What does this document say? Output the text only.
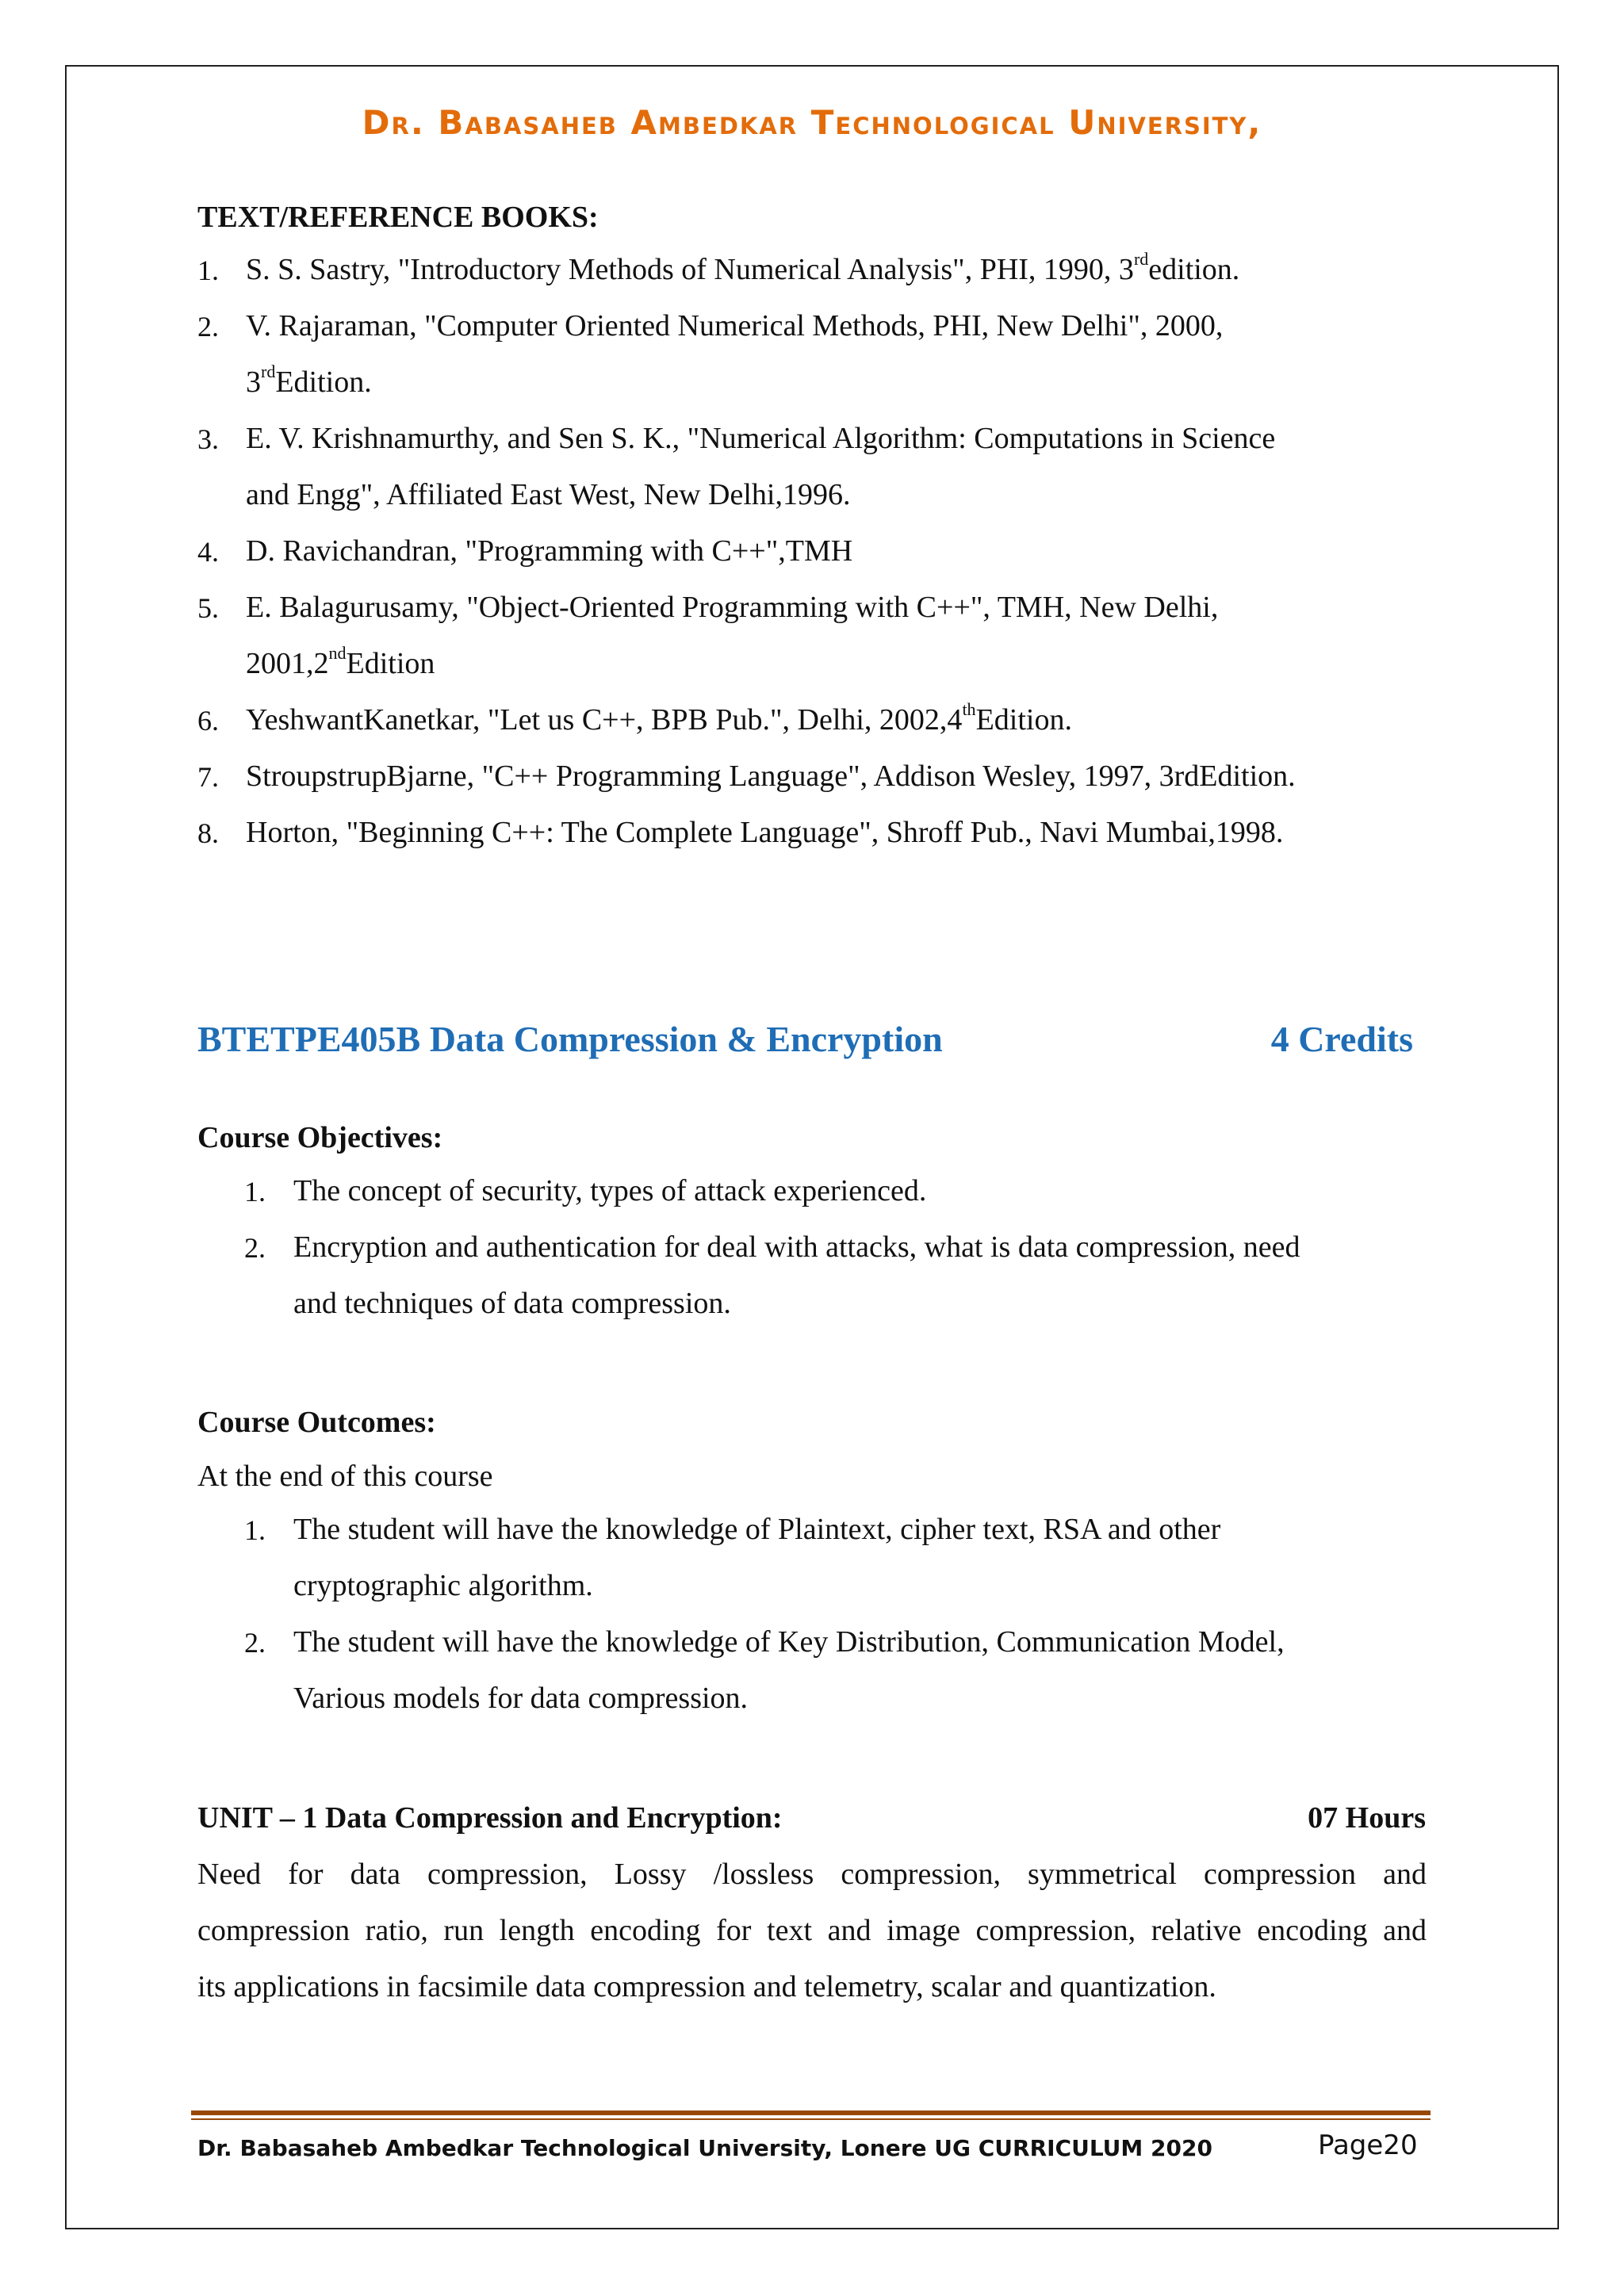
Dr. Babasaheb Ambedkar Technological University,
TEXT/REFERENCE BOOKS:
1. S. S. Sastry, "Introductory Methods of Numerical Analysis", PHI, 1990, 3rdedition.
2. V. Rajaraman, "Computer Oriented Numerical Methods, PHI, New Delhi", 2000,
3rdEdition.
3. E. V. Krishnamurthy, and Sen S. K., "Numerical Algorithm: Computations in Science
and Engg", Affiliated East West, New Delhi,1996.
4. D. Ravichandran, "Programming with C++",TMH
5. E. Balagurusamy, "Object-Oriented Programming with C++", TMH, New Delhi,
2001,2ndEdition
6. YeshwantKanetkar, "Let us C++, BPB Pub.", Delhi, 2002,4thEdition.
7. StroupstrupBjarne, "C++ Programming Language", Addison Wesley, 1997, 3rdEdition.
8. Horton, "Beginning C++: The Complete Language", Shroff Pub., Navi Mumbai,1998.
BTETPE405B Data Compression & Encryption	4 Credits
Course Objectives:
1. The concept of security, types of attack experienced.
2. Encryption and authentication for deal with attacks, what is data compression, need
and techniques of data compression.
Course Outcomes:
At the end of this course
1. The student will have the knowledge of Plaintext, cipher text, RSA and other
cryptographic algorithm.
2. The student will have the knowledge of Key Distribution, Communication Model,
Various models for data compression.
UNIT – 1 Data Compression and Encryption:	07 Hours
Need for data compression, Lossy /lossless compression, symmetrical compression and
compression ratio, run length encoding for text and image compression, relative encoding and
its applications in facsimile data compression and telemetry, scalar and quantization.
Dr. Babasaheb Ambedkar Technological University, Lonere UG CURRICULUM 2020	Page20
